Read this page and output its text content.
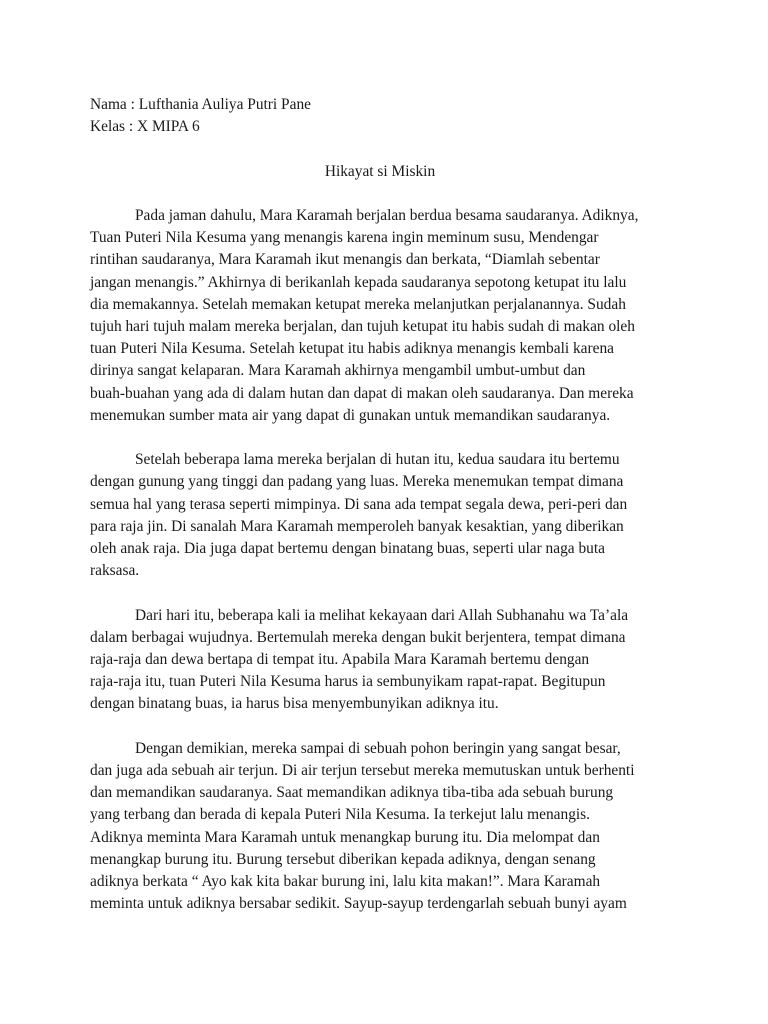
Nama : Lufthania Auliya Putri Pane
Kelas : X MIPA 6
Hikayat si Miskin
Pada jaman dahulu, Mara Karamah berjalan berdua besama saudaranya. Adiknya,
Tuan Puteri Nila Kesuma yang menangis karena ingin meminum susu, Mendengar
rintihan saudaranya, Mara Karamah ikut menangis dan berkata, “Diamlah sebentar
jangan menangis.” Akhirnya di berikanlah kepada saudaranya sepotong ketupat itu lalu
dia memakannya. Setelah memakan ketupat mereka melanjutkan perjalanannya. Sudah
tujuh hari tujuh malam mereka berjalan, dan tujuh ketupat itu habis sudah di makan oleh
tuan Puteri Nila Kesuma. Setelah ketupat itu habis adiknya menangis kembali karena
dirinya sangat kelaparan. Mara Karamah akhirnya mengambil umbut-umbut dan
buah-buahan yang ada di dalam hutan dan dapat di makan oleh saudaranya. Dan mereka
menemukan sumber mata air yang dapat di gunakan untuk memandikan saudaranya.
Setelah beberapa lama mereka berjalan di hutan itu, kedua saudara itu bertemu
dengan gunung yang tinggi dan padang yang luas. Mereka menemukan tempat dimana
semua hal yang terasa seperti mimpinya. Di sana ada tempat segala dewa, peri-peri dan
para raja jin. Di sanalah Mara Karamah memperoleh banyak kesaktian, yang diberikan
oleh anak raja. Dia juga dapat bertemu dengan binatang buas, seperti ular naga buta
raksasa.
Dari hari itu, beberapa kali ia melihat kekayaan dari Allah Subhanahu wa Ta’ala
dalam berbagai wujudnya. Bertemulah mereka dengan bukit berjentera, tempat dimana
raja-raja dan dewa bertapa di tempat itu. Apabila Mara Karamah bertemu dengan
raja-raja itu, tuan Puteri Nila Kesuma harus ia sembunyikam rapat-rapat. Begitupun
dengan binatang buas, ia harus bisa menyembunyikan adiknya itu.
Dengan demikian, mereka sampai di sebuah pohon beringin yang sangat besar,
dan juga ada sebuah air terjun. Di air terjun tersebut mereka memutuskan untuk berhenti
dan memandikan saudaranya. Saat memandikan adiknya tiba-tiba ada sebuah burung
yang terbang dan berada di kepala Puteri Nila Kesuma. Ia terkejut lalu menangis.
Adiknya meminta Mara Karamah untuk menangkap burung itu. Dia melompat dan
menangkap burung itu. Burung tersebut diberikan kepada adiknya, dengan senang
adiknya berkata “ Ayo kak kita bakar burung ini, lalu kita makan!”. Mara Karamah
meminta untuk adiknya bersabar sedikit. Sayup-sayup terdengarlah sebuah bunyi ayam
